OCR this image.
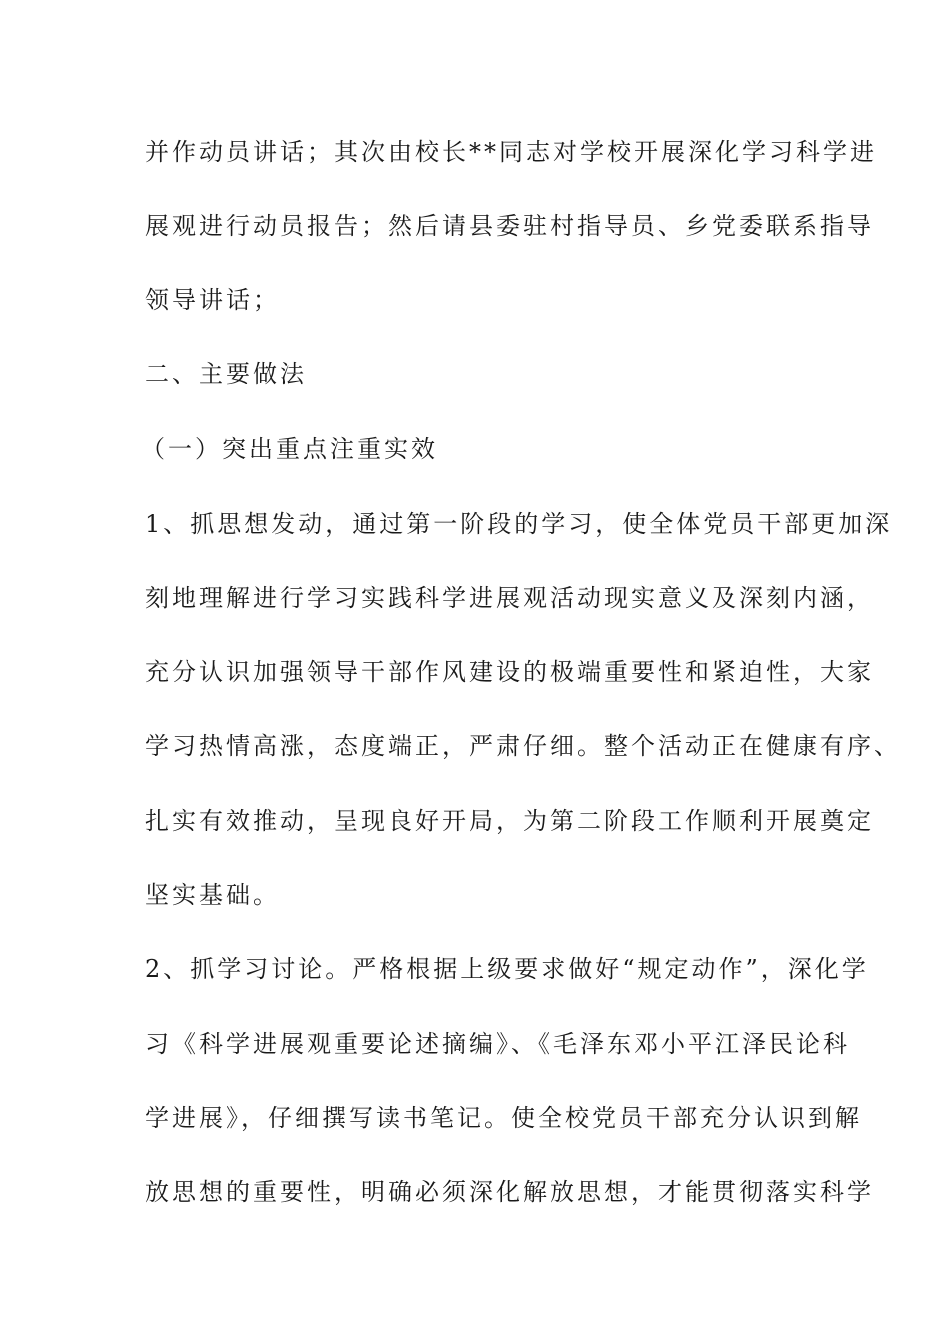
并作动员讲话；其次由校长**同志对学校开展深化学习科学进

展观进行动员报告；然后请县委驻村指导员、乡党委联系指导

领导讲话；

二、主要做法

（一）突出重点注重实效

1、抓思想发动，通过第一阶段的学习，使全体党员干部更加深

刻地理解进行学习实践科学进展观活动现实意义及深刻内涵，

充分认识加强领导干部作风建设的极端重要性和紧迫性，大家

学习热情高涨，态度端正，严肃仔细。整个活动正在健康有序、

扎实有效推动，呈现良好开局，为第二阶段工作顺利开展奠定

坚实基础。

2、抓学习讨论。严格根据上级要求做好“规定动作”，深化学

习《科学进展观重要论述摘编》、《毛泽东邓小平江泽民论科

学进展》，仔细撰写读书笔记。使全校党员干部充分认识到解

放思想的重要性，明确必须深化解放思想，才能贯彻落实科学
